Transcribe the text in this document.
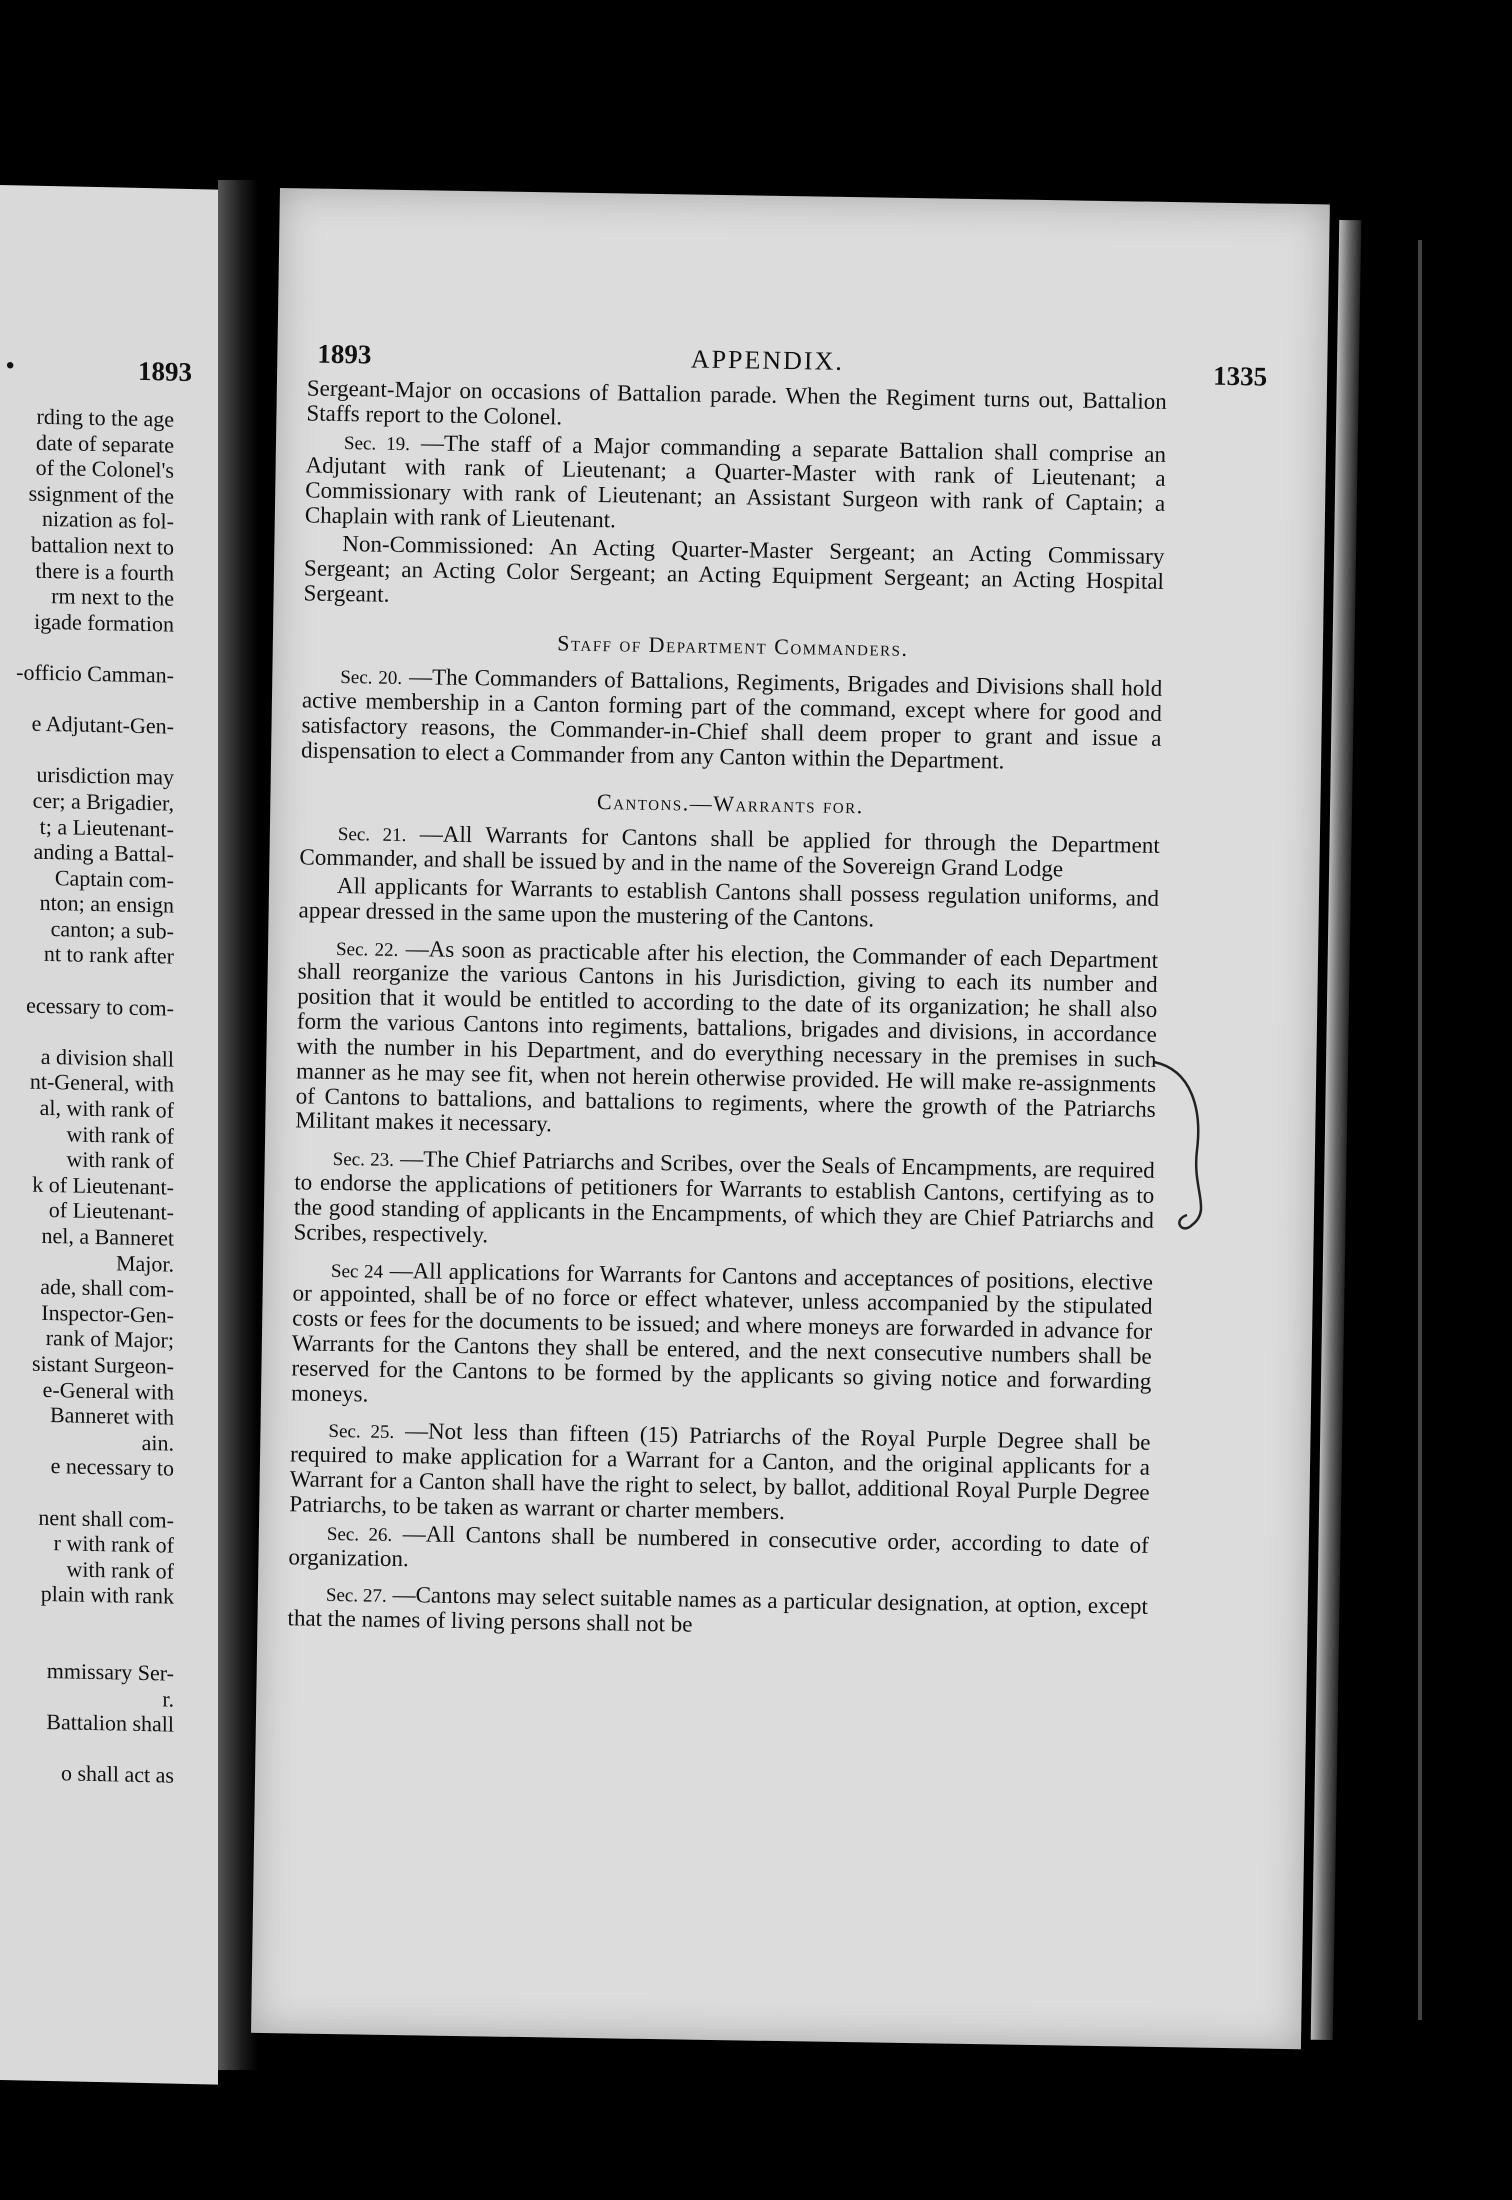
•	1893
rding to the age
date of separate
of the Colonel's
ssignment of the
nization as fol-
battalion next to
there is a fourth
rm next to the
igade formation

-officio Camman-

e Adjutant-Gen-

urisdiction may
cer; a Brigadier,
t; a Lieutenant-
anding a Battal-
Captain com-
nton; an ensign
canton; a sub-
nt to rank after

ecessary to com-

a division shall
nt-General, with
al, with rank of
with rank of
with rank of
k of Lieutenant-
of Lieutenant-
nel, a Banneret
Major.
ade, shall com-
Inspector-Gen-
rank of Major;
sistant Surgeon-
e-General with
Banneret with
ain.
e necessary to

nent shall com-
r with rank of
with rank of
plain with rank

mmissary Ser-
r.
Battalion shall

o shall act as
1893	APPENDIX.
1335

Sergeant-Major on occasions of Battalion parade. When the Regiment turns out, Battalion Staffs report to the Colonel.

Sec. 19. —The staff of a Major commanding a separate Battalion shall comprise an Adjutant with rank of Lieutenant; a Quarter-Master with rank of Lieutenant; a Commissionary with rank of Lieutenant; an Assistant Surgeon with rank of Captain; a Chaplain with rank of Lieutenant.

Non-Commissioned: An Acting Quarter-Master Sergeant; an Acting Commissary Sergeant; an Acting Color Sergeant; an Acting Equipment Sergeant; an Acting Hospital Sergeant.

Staff of Department Commanders.

Sec. 20. —The Commanders of Battalions, Regiments, Brigades and Divisions shall hold active membership in a Canton forming part of the command, except where for good and satisfactory reasons, the Commander-in-Chief shall deem proper to grant and issue a dispensation to elect a Commander from any Canton within the Department.

Cantons.—Warrants for.

Sec. 21. —All Warrants for Cantons shall be applied for through the Department Commander, and shall be issued by and in the name of the Sovereign Grand Lodge

All applicants for Warrants to establish Cantons shall possess regulation uniforms, and appear dressed in the same upon the mustering of the Cantons.

Sec. 22. —As soon as practicable after his election, the Commander of each Department shall reorganize the various Cantons in his Jurisdiction, giving to each its number and position that it would be entitled to according to the date of its organization; he shall also form the various Cantons into regiments, battalions, brigades and divisions, in accordance with the number in his Department, and do everything necessary in the premises in such manner as he may see fit, when not herein otherwise provided. He will make re-assignments of Cantons to battalions, and battalions to regiments, where the growth of the Patriarchs Militant makes it necessary.

Sec. 23. —The Chief Patriarchs and Scribes, over the Seals of Encampments, are required to endorse the applications of petitioners for Warrants to establish Cantons, certifying as to the good standing of applicants in the Encampments, of which they are Chief Patriarchs and Scribes, respectively.

Sec 24 —All applications for Warrants for Cantons and acceptances of positions, elective or appointed, shall be of no force or effect whatever, unless accompanied by the stipulated costs or fees for the documents to be issued; and where moneys are forwarded in advance for Warrants for the Cantons they shall be entered, and the next consecutive numbers shall be reserved for the Cantons to be formed by the applicants so giving notice and forwarding moneys.

Sec. 25. —Not less than fifteen (15) Patriarchs of the Royal Purple Degree shall be required to make application for a Warrant for a Canton, and the original applicants for a Warrant for a Canton shall have the right to select, by ballot, additional Royal Purple Degree Patriarchs, to be taken as warrant or charter members.

Sec. 26. —All Cantons shall be numbered in consecutive order, according to date of organization.

Sec. 27. —Cantons may select suitable names as a particular designation, at option, except that the names of living persons shall not be
